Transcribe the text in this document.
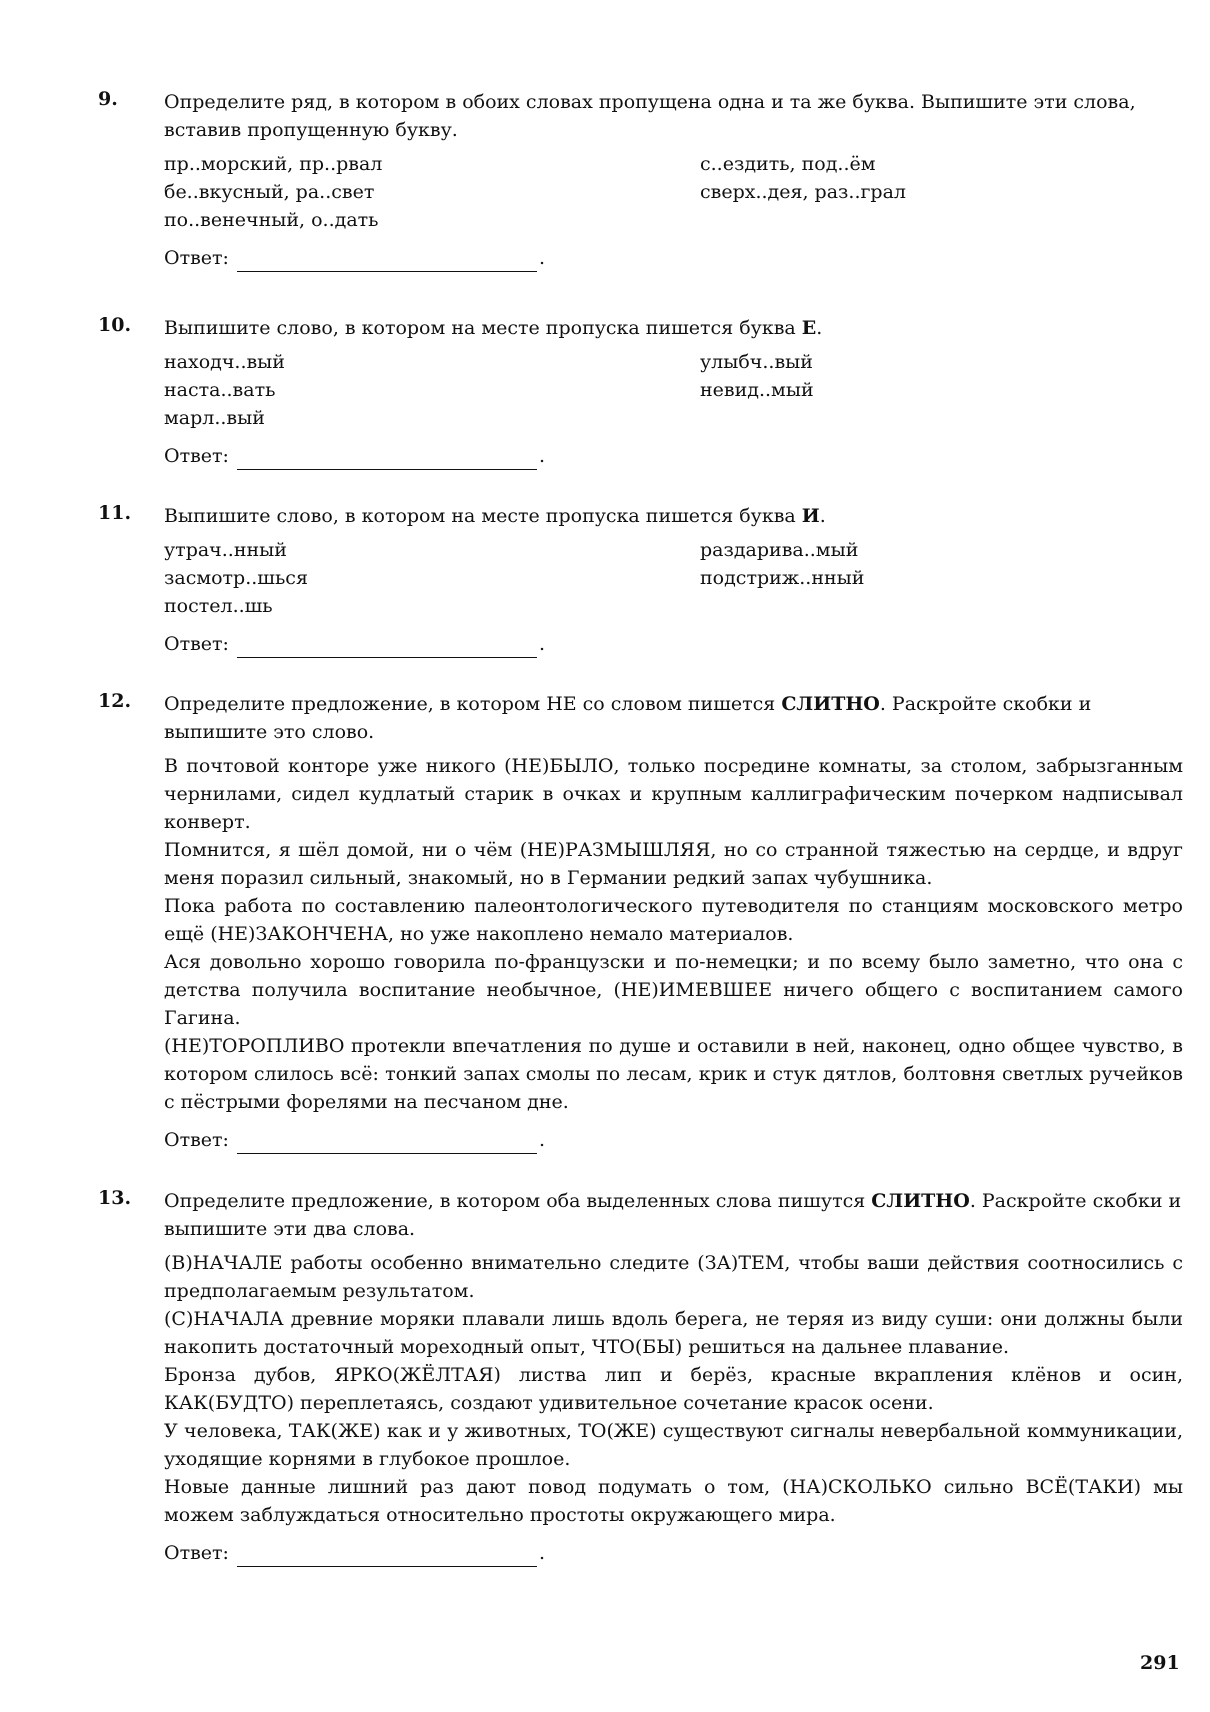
9. Определите ряд, в котором в обоих словах пропущена одна и та же буква. Выпишите эти слова, вставив пропущенную букву.

пр..морский, пр..рвал	с..ездить, под..ём
бе..вкусный, ра..свет	сверх..дея, раз..грал
по..венечный, о..дать
Ответ:	.
10. Выпишите слово, в котором на месте пропуска пишется буква Е.

находч..вый	улыбч..вый
наста..вать	невид..мый
марл..вый
Ответ:	.
11. Выпишите слово, в котором на месте пропуска пишется буква И.

утрач..нный	раздарива..мый
засмотр..шься	подстриж..нный
постел..шь
Ответ:	.
12. Определите предложение, в котором НЕ со словом пишется СЛИТНО. Раскройте скобки и выпишите это слово.

В почтовой конторе уже никого (НЕ)БЫЛО, только посредине комнаты, за столом, забрызганным чернилами, сидел кудлатый старик в очках и крупным каллиграфическим почерком надписывал конверт.

Помнится, я шёл домой, ни о чём (НЕ)РАЗМЫШЛЯЯ, но со странной тяжестью на сердце, и вдруг меня поразил сильный, знакомый, но в Германии редкий запах чубушника.

Пока работа по составлению палеонтологического путеводителя по станциям московского метро ещё (НЕ)ЗАКОНЧЕНА, но уже накоплено немало материалов.

Ася довольно хорошо говорила по-французски и по-немецки; и по всему было заметно, что она с детства получила воспитание необычное, (НЕ)ИМЕВШЕЕ ничего общего с воспитанием самого Гагина.

(НЕ)ТОРОПЛИВО протекли впечатления по душе и оставили в ней, наконец, одно общее чувство, в котором слилось всё: тонкий запах смолы по лесам, крик и стук дятлов, болтовня светлых ручейков с пёстрыми форелями на песчаном дне.

Ответ:	.
13. Определите предложение, в котором оба выделенных слова пишутся СЛИТНО. Раскройте скобки и выпишите эти два слова.

(В)НАЧАЛЕ работы особенно внимательно следите (ЗА)ТЕМ, чтобы ваши действия соотносились с предполагаемым результатом.

(С)НАЧАЛА древние моряки плавали лишь вдоль берега, не теряя из виду суши: они должны были накопить достаточный мореходный опыт, ЧТО(БЫ) решиться на дальнее плавание.

Бронза дубов, ЯРКО(ЖЁЛТАЯ) листва лип и берёз, красные вкрапления клёнов и осин, КАК(БУДТО) переплетаясь, создают удивительное сочетание красок осени.

У человека, ТАК(ЖЕ) как и у животных, ТО(ЖЕ) существуют сигналы невербальной коммуникации, уходящие корнями в глубокое прошлое.

Новые данные лишний раз дают повод подумать о том, (НА)СКОЛЬКО сильно ВСЁ(ТАКИ) мы можем заблуждаться относительно простоты окружающего мира.

Ответ:	.
291
